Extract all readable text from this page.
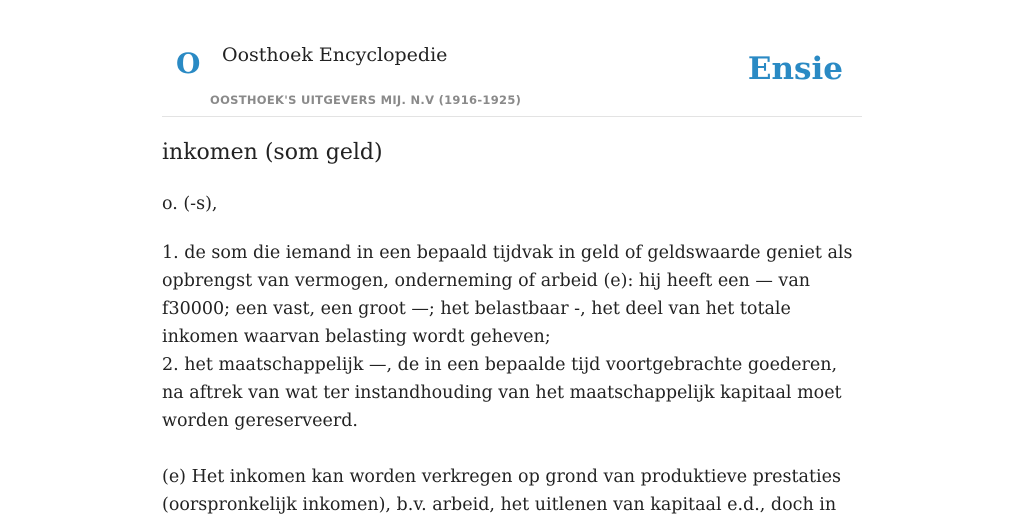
O Oosthoek Encyclopedie
OOSTHOEK'S UITGEVERS MIJ. N.V (1916-1925)
Ensie
inkomen (som geld)
o. (-s),

1. de som die iemand in een bepaald tijdvak in geld of geldswaarde geniet als opbrengst van vermogen, onderneming of arbeid (e): hij heeft een — van f30000; een vast, een groot —; het belastbaar -, het deel van het totale inkomen waarvan belasting wordt geheven;

2. het maatschappelijk —, de in een bepaalde tijd voortgebrachte goederen, na aftrek van wat ter instandhouding van het maatschappelijk kapitaal moet worden gereserveerd.

(e) Het inkomen kan worden verkregen op grond van produktieve prestaties (oorspronkelijk inkomen), b.v. arbeid, het uitlenen van kapitaal e.d., doch in
